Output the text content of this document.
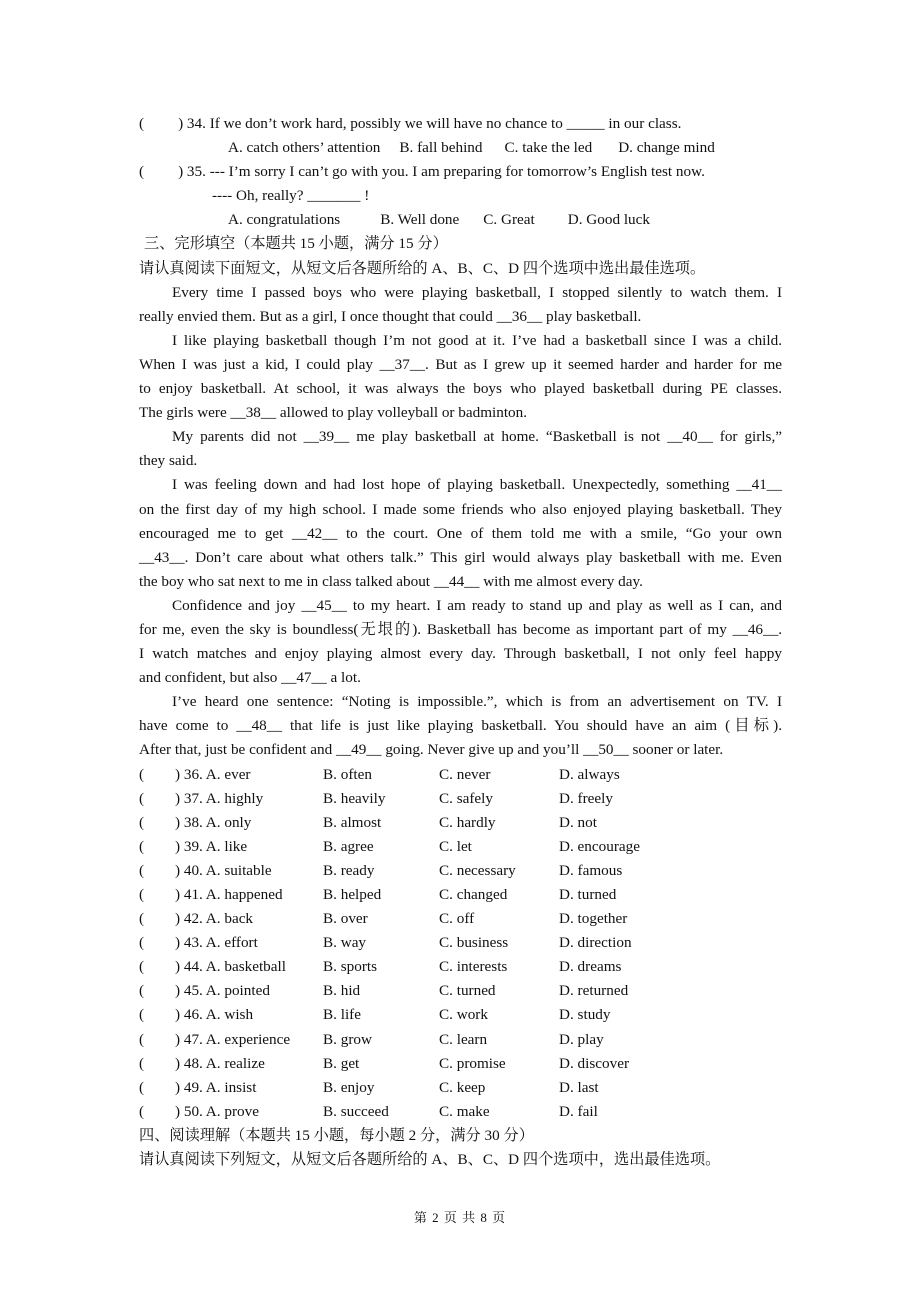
( ) 34. If we don’t work hard, possibly we will have no chance to _____ in our class.
A. catch others’ attention B. fall behind C. take the led D. change mind
( ) 35. --- I’m sorry I can’t go with you. I am preparing for tomorrow’s English test now.
---- Oh, really? _______ !
A. congratulations	B. Well done C. Great D. Good luck
三、完形填空（本题共 15 小题，满分 15 分）
请认真阅读下面短文，从短文后各题所给的 A、B、C、D 四个选项中选出最佳选项。
Every time I passed boys who were playing basketball, I stopped silently to watch them. I
really envied them. But as a girl, I once thought that could __36__ play basketball.
I like playing basketball though I’m not good at it. I’ve had a basketball since I was a child.
When I was just a kid, I could play __37__. But as I grew up it seemed harder and harder for me
to enjoy basketball. At school, it was always the boys who played basketball during PE classes.
The girls were __38__ allowed to play volleyball or badminton.
My parents did not __39__ me play basketball at home. “Basketball is not __40__ for girls,”
they said.
I was feeling down and had lost hope of playing basketball. Unexpectedly, something __41__
on the first day of my high school. I made some friends who also enjoyed playing basketball. They
encouraged me to get __42__ to the court. One of them told me with a smile, “Go your own
__43__. Don’t care about what others talk.” This girl would always play basketball with me. Even
the boy who sat next to me in class talked about __44__ with me almost every day.
Confidence and joy __45__ to my heart. I am ready to stand up and play as well as I can, and
for me, even the sky is boundless(无垠的). Basketball has become as important part of my __46__.
I watch matches and enjoy playing almost every day. Through basketball, I not only feel happy
and confident, but also __47__ a lot.
I’ve heard one sentence: “Noting is impossible.”, which is from an advertisement on TV. I
have come to __48__ that life is just like playing basketball. You should have an aim (目标).
After that, just be confident and __49__ going. Never give up and you’ll __50__ sooner or later.
( ) 36. A. ever	B. often	C. never	D. always
( ) 37. A. highly	B. heavily	C. safely	D. freely
( ) 38. A. only	B. almost	C. hardly	D. not
( ) 39. A. like	B. agree	C. let	D. encourage
( ) 40. A. suitable	B. ready	C. necessary	D. famous
( ) 41. A. happened	B. helped	C. changed	D. turned
( ) 42. A. back	B. over	C. off	D. together
( ) 43. A. effort	B. way	C. business	D. direction
( ) 44. A. basketball B. sports	C. interests	D. dreams
( ) 45. A. pointed	B. hid	C. turned	D. returned
( ) 46. A. wish	B. life	C. work	D. study
( ) 47. A. experience B. grow	C. learn	D. play
( ) 48. A. realize	B. get	C. promise	D. discover
( ) 49. A. insist	B. enjoy	C. keep	D. last
( ) 50. A. prove	B. succeed	C. make	D. fail
四、阅读理解（本题共 15 小题，每小题 2 分，满分 30 分）
请认真阅读下列短文，从短文后各题所给的 A、B、C、D 四个选项中，选出最佳选项。
第 2 页 共 8 页
